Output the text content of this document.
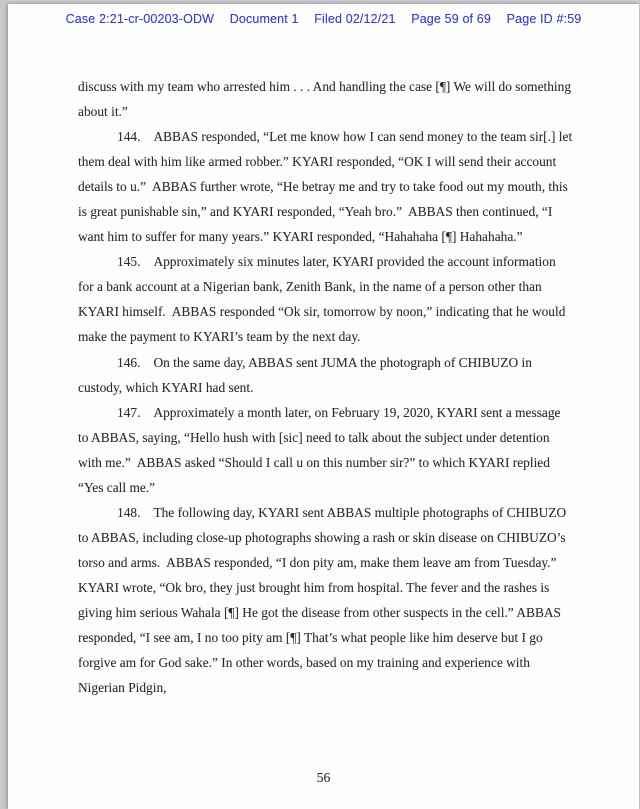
Case 2:21-cr-00203-ODW Document 1 Filed 02/12/21 Page 59 of 69 Page ID #:59

discuss with my team who arrested him . . . And handling the case [¶] We will do something about it.”

144. ABBAS responded, “Let me know how I can send money to the team sir[.] let them deal with him like armed robber.” KYARI responded, “OK I will send their account details to u.”  ABBAS further wrote, “He betray me and try to take food out my mouth, this is great punishable sin,” and KYARI responded, “Yeah bro.”  ABBAS then continued, “I want him to suffer for many years.” KYARI responded, “Hahahaha [¶] Hahahaha.”

145. Approximately six minutes later, KYARI provided the account information for a bank account at a Nigerian bank, Zenith Bank, in the name of a person other than KYARI himself.  ABBAS responded “Ok sir, tomorrow by noon,” indicating that he would make the payment to KYARI’s team by the next day.

146. On the same day, ABBAS sent JUMA the photograph of CHIBUZO in custody, which KYARI had sent.

147. Approximately a month later, on February 19, 2020, KYARI sent a message to ABBAS, saying, “Hello hush with [sic] need to talk about the subject under detention with me.”  ABBAS asked “Should I call u on this number sir?” to which KYARI replied “Yes call me.”

148. The following day, KYARI sent ABBAS multiple photographs of CHIBUZO to ABBAS, including close-up photographs showing a rash or skin disease on CHIBUZO’s torso and arms.  ABBAS responded, “I don pity am, make them leave am from Tuesday.”  KYARI wrote, “Ok bro, they just brought him from hospital. The fever and the rashes is giving him serious Wahala [¶] He got the disease from other suspects in the cell.” ABBAS responded, “I see am, I no too pity am [¶] That’s what people like him deserve but I go forgive am for God sake.” In other words, based on my training and experience with Nigerian Pidgin,

56
